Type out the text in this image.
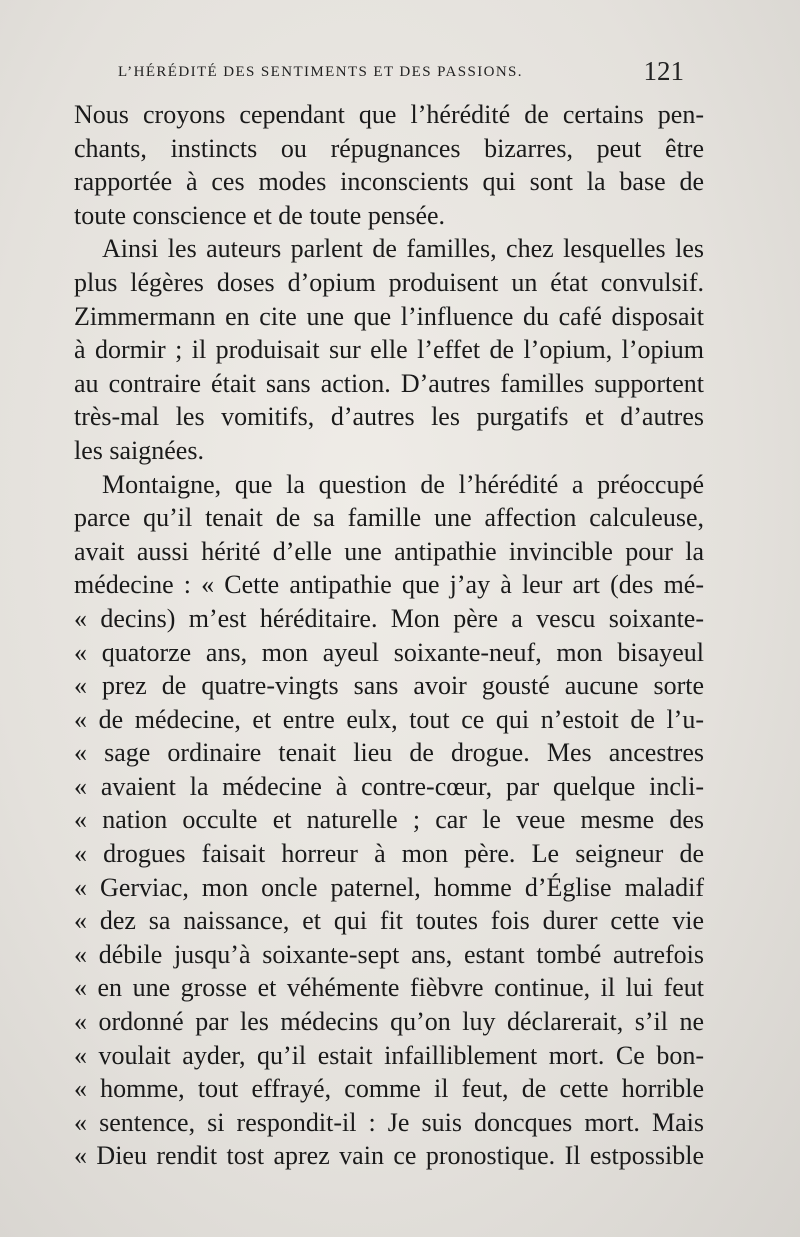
L’HÉRÉDITÉ DES SENTIMENTS ET DES PASSIONS.	121
Nous croyons cependant que l’hérédité de certains pen-
chants, instincts ou répugnances bizarres, peut être
rapportée à ces modes inconscients qui sont la base de
toute conscience et de toute pensée.
Ainsi les auteurs parlent de familles, chez lesquelles les
plus légères doses d’opium produisent un état convulsif.
Zimmermann en cite une que l’influence du café disposait
à dormir ; il produisait sur elle l’effet de l’opium, l’opium
au contraire était sans action. D’autres familles supportent
très-mal les vomitifs, d’autres les purgatifs et d’autres
les saignées.
Montaigne, que la question de l’hérédité a préoccupé
parce qu’il tenait de sa famille une affection calculeuse,
avait aussi hérité d’elle une antipathie invincible pour la
médecine : « Cette antipathie que j’ay à leur art (des mé-
« decins) m’est héréditaire. Mon père a vescu soixante-
« quatorze ans, mon ayeul soixante-neuf, mon bisayeul
« prez de quatre-vingts sans avoir gousté aucune sorte
« de médecine, et entre eulx, tout ce qui n’estoit de l’u-
« sage ordinaire tenait lieu de drogue. Mes ancestres
« avaient la médecine à contre-cœur, par quelque incli-
« nation occulte et naturelle ; car le veue mesme des
« drogues faisait horreur à mon père. Le seigneur de
« Gerviac, mon oncle paternel, homme d’Église maladif
« dez sa naissance, et qui fit toutes fois durer cette vie
« débile jusqu’à soixante-sept ans, estant tombé autrefois
« en une grosse et véhémente fièbvre continue, il lui feut
« ordonné par les médecins qu’on luy déclarerait, s’il ne
« voulait ayder, qu’il estait infailliblement mort. Ce bon-
« homme, tout effrayé, comme il feut, de cette horrible
« sentence, si respondit-il : Je suis doncques mort. Mais
« Dieu rendit tost aprez vain ce pronostique. Il estpossible
